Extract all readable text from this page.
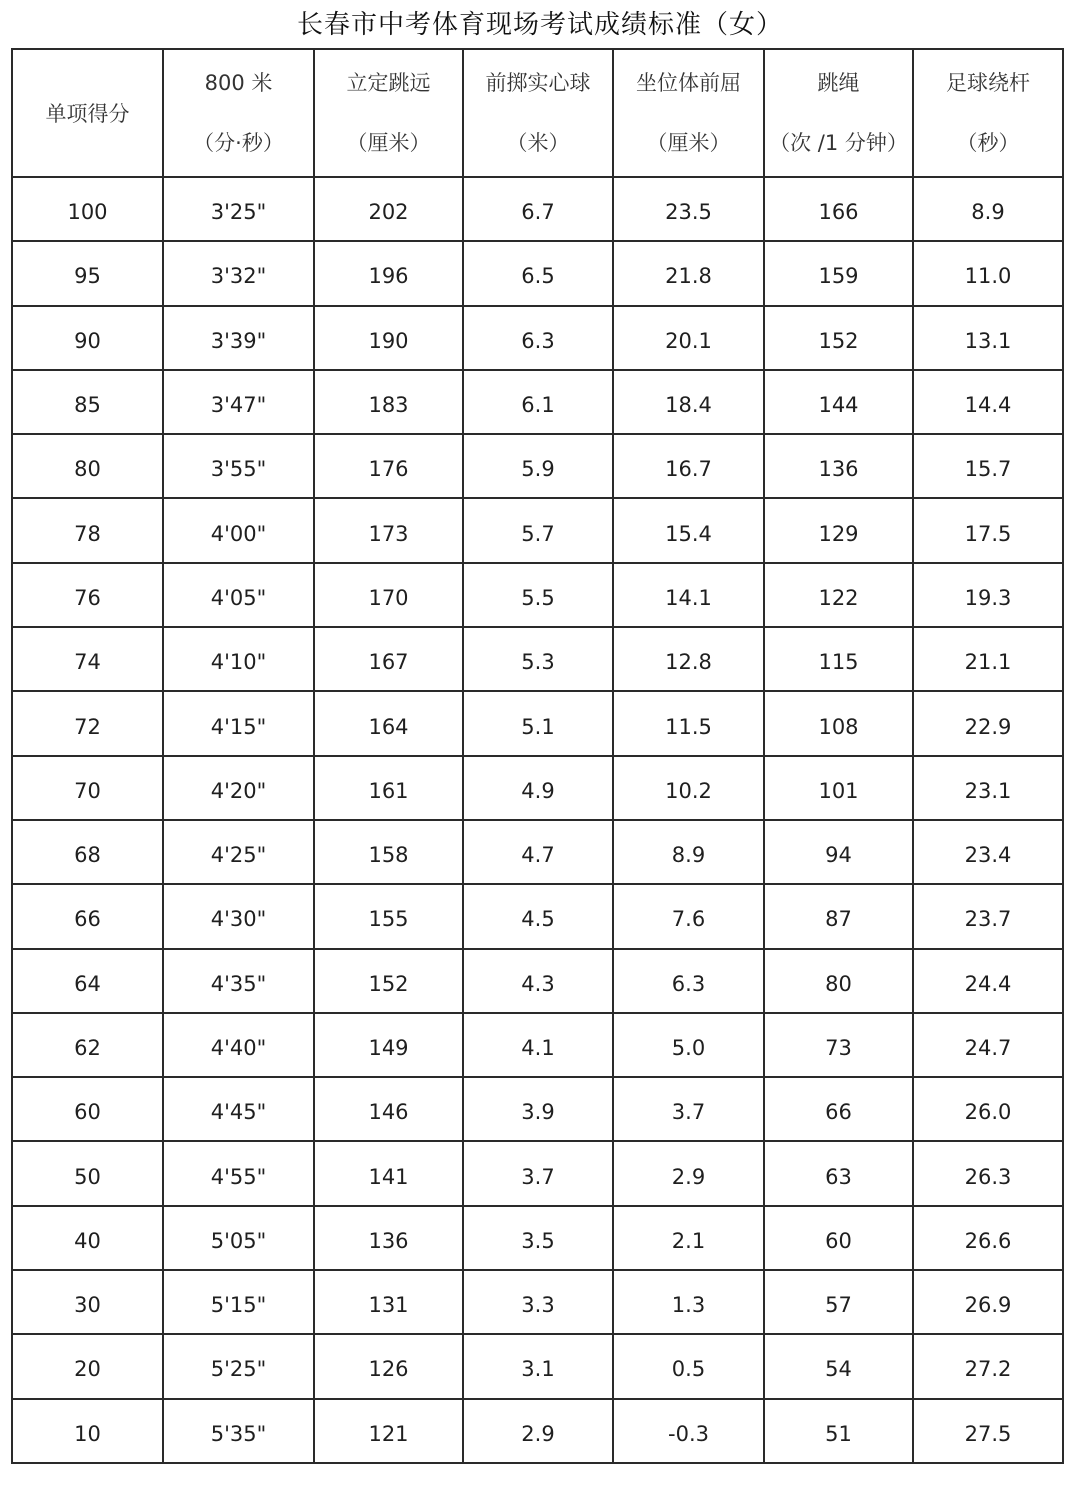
长春市中考体育现场考试成绩标准（女）
单项得分	800 米
（分·秒）	立定跳远
（厘米）	前掷实心球
（米）	坐位体前屈
（厘米）	跳绳
（次 /1 分钟）	足球绕杆
（秒）

100	3'25"	202	6.7	23.5	166	8.9
95	3'32"	196	6.5	21.8	159	11.0
90	3'39"	190	6.3	20.1	152	13.1
85	3'47"	183	6.1	18.4	144	14.4
80	3'55"	176	5.9	16.7	136	15.7
78	4'00"	173	5.7	15.4	129	17.5
76	4'05"	170	5.5	14.1	122	19.3
74	4'10"	167	5.3	12.8	115	21.1
72	4'15"	164	5.1	11.5	108	22.9
70	4'20"	161	4.9	10.2	101	23.1
68	4'25"	158	4.7	8.9	94	23.4
66	4'30"	155	4.5	7.6	87	23.7
64	4'35"	152	4.3	6.3	80	24.4
62	4'40"	149	4.1	5.0	73	24.7
60	4'45"	146	3.9	3.7	66	26.0
50	4'55"	141	3.7	2.9	63	26.3
40	5'05"	136	3.5	2.1	60	26.6
30	5'15"	131	3.3	1.3	57	26.9
20	5'25"	126	3.1	0.5	54	27.2
10	5'35"	121	2.9	-0.3	51	27.5
